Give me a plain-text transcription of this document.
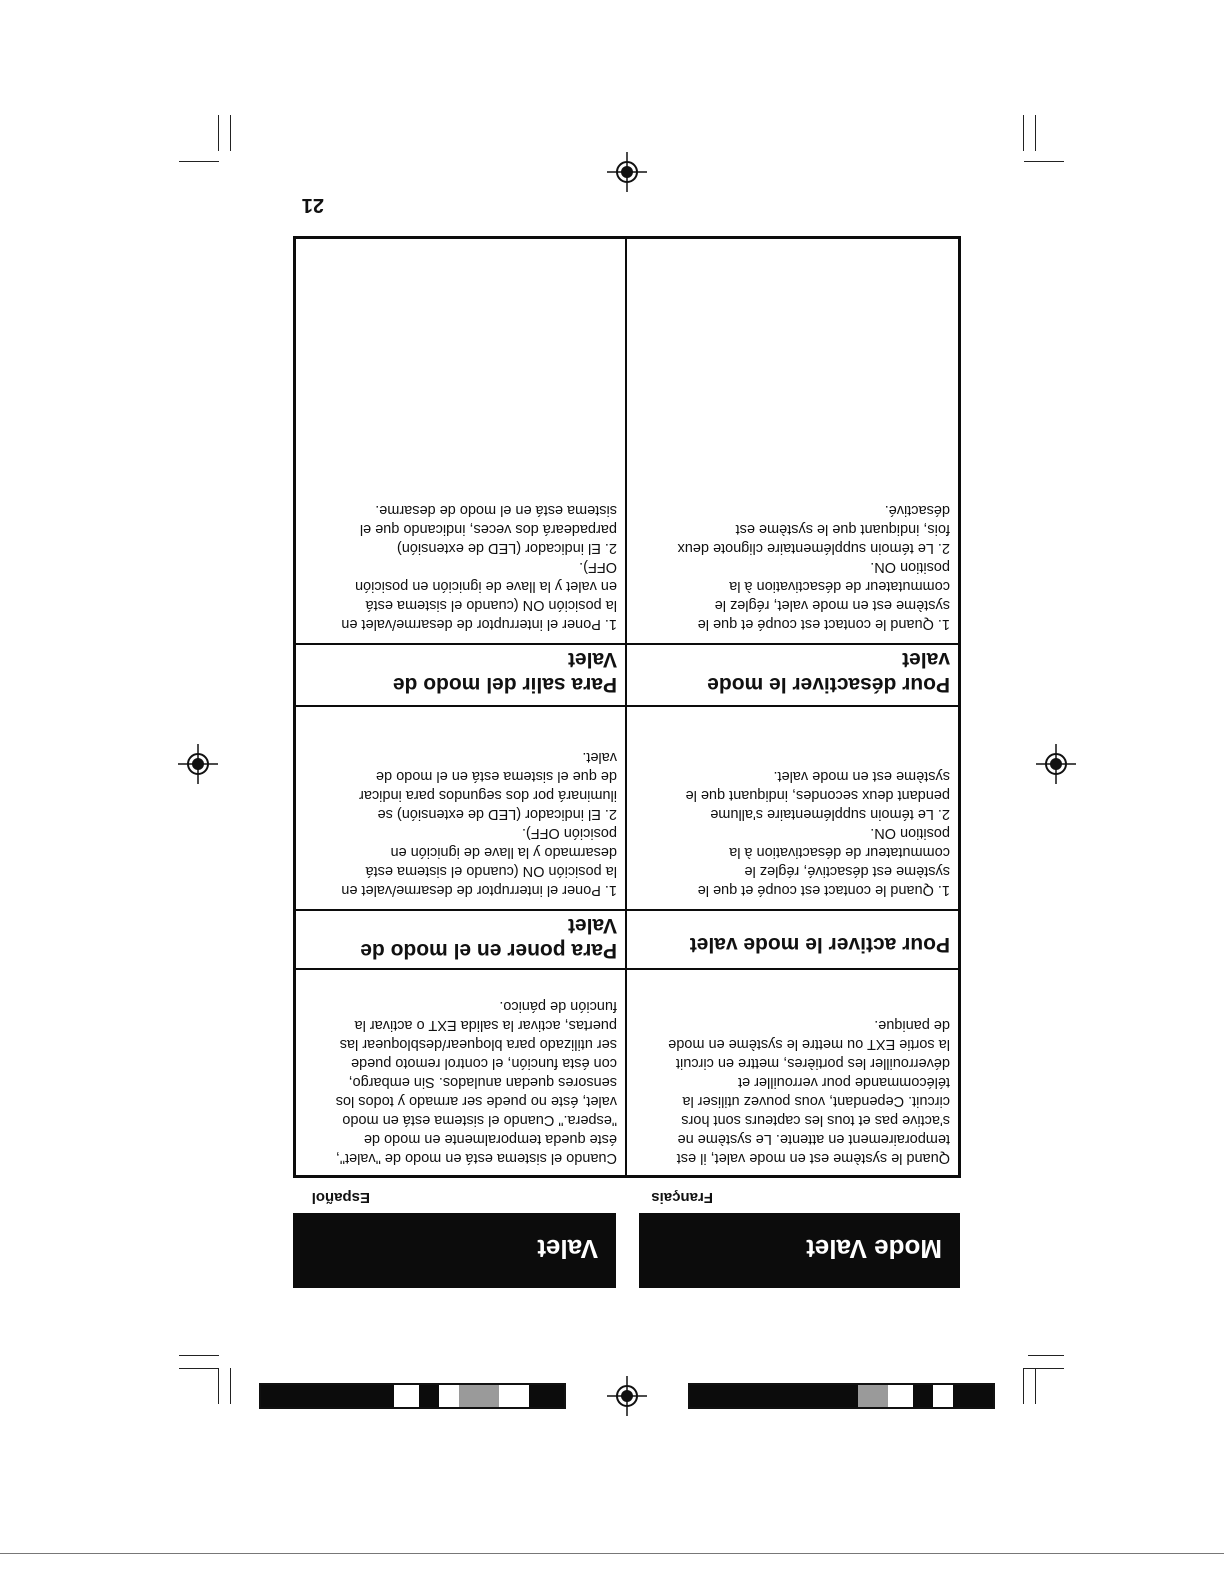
Mode Valet
Valet
Français
Español
Quand le système est en mode valet, il est
temporairement en attente. Le système ne
s'active pas et tous les capteurs sont hors
circuit. Cependant, vous pouvez utiliser la
télécommande pour verrouiller et
déverrouiller les portières, mettre en circuit
la sortie EXT ou mettre le système en mode
de panique.
Pour activer le mode valet
1. Quand le contact est coupé et que le
système est désactivé, réglez le
commutateur de désactivation à la
position ON.
2. Le témoin supplémentaire s'allume
pendant deux secondes, indiquant que le
système est en mode valet.
Pour désactiver le mode
valet
1. Quand le contact est coupé et que le
système est en mode valet, réglez le
commutateur de désactivation à la
position ON.
2. Le témoin supplémentaire clignote deux
fois, indiquant que le système est
désactivé.
Cuando el sistema está en modo de "valet",
éste queda temporalmente en modo de
"espera." Cuando el sistema está en modo
valet, éste no puede ser armado y todos los
sensores quedan anulados. Sin embargo,
con ésta función, el control remoto puede
ser utilizado para bloquear/desbloquear las
puertas, activar la salida EXT o activar la
función de pánico.
Para poner en el modo de
Valet
1. Poner el interruptor de desarme/valet en
la posición ON (cuando el sistema está
desarmado y la llave de ignición en
posición OFF).
2. El indicador (LED de extensión) se
iluminará por dos segundos para indicar
de que el sistema está en el modo de
valet.
Para salir del modo de
Valet
1. Poner el interruptor de desarme/valet en
la posición ON (cuando el sistema está
en valet y la llave de ignición en posición
OFF).
2. El indicador (LED de extensión)
parpadeará dos veces, indicando que el
sistema está en el modo de desarme.
21
